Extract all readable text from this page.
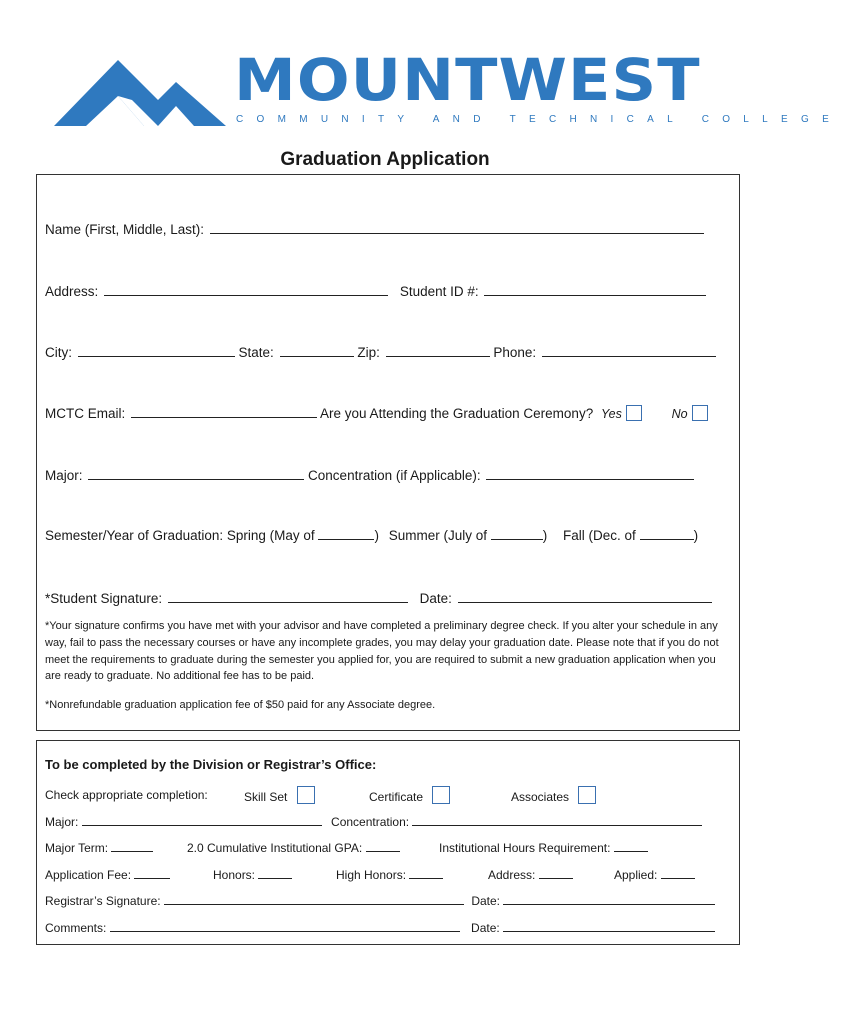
MOUNTWEST
COMMUNITY AND TECHNICAL COLLEGE
Graduation Application
Name (First, Middle, Last):
Address:	Student ID #:
City:	State:	Zip:	Phone:
MCTC Email:	Are you Attending the Graduation Ceremony? Yes	No
Major:	Concentration (if Applicable):
Semester/Year of Graduation: Spring (May of	) Summer (July of	) Fall (Dec. of	)
*Student Signature:	Date:
*Your signature confirms you have met with your advisor and have completed a preliminary degree check. If you alter your schedule in any way, fail to pass the necessary courses or have any incomplete grades, you may delay your graduation date. Please note that if you do not meet the requirements to graduate during the semester you applied for, you are required to submit a new graduation application when you are ready to graduate. No additional fee has to be paid.
*Nonrefundable graduation application fee of $50 paid for any Associate degree.
To be completed by the Division or Registrar’s Office:
Check appropriate completion:	Skill Set	Certificate	Associates
Major:	Concentration:
Major Term:	2.0 Cumulative Institutional GPA:	Institutional Hours Requirement:
Application Fee:	Honors:	High Honors:	Address:	Applied:
Registrar’s Signature:	Date:
Comments:	Date:
